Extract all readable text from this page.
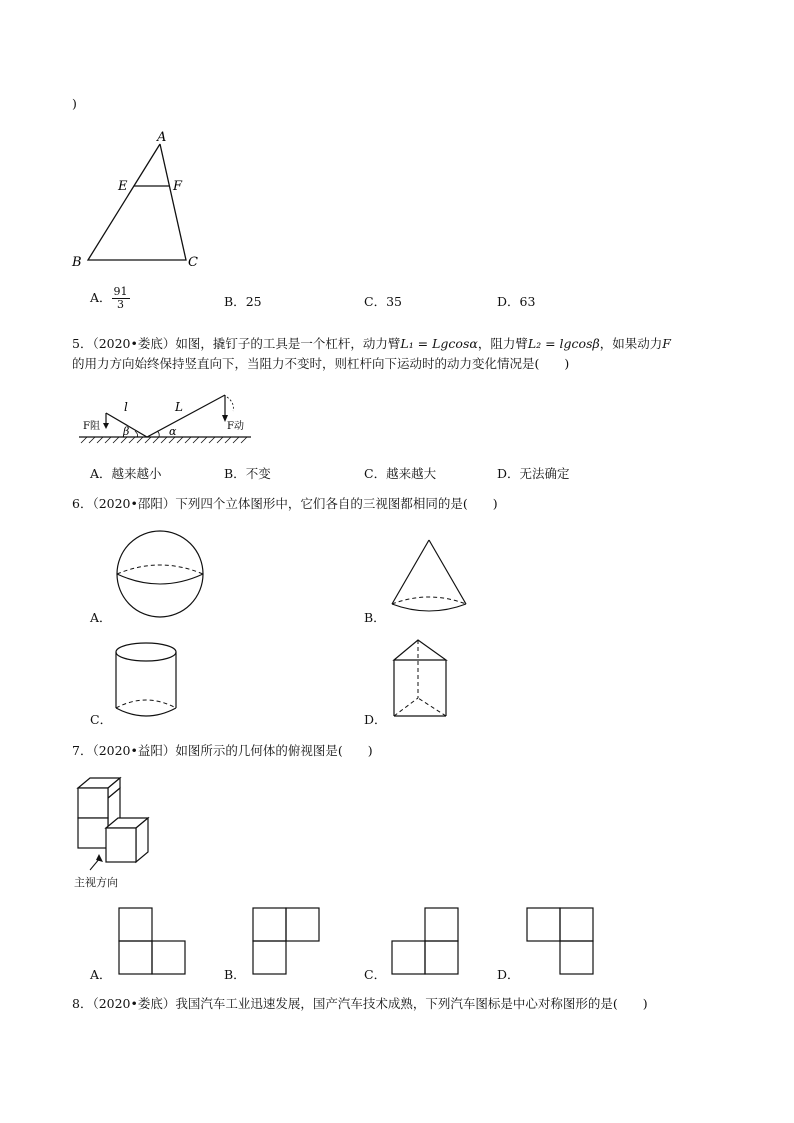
)
A
E	F
B	C
A． $\frac{91}{3}$	B．25	C．35	D．63
5．（2020•娄底）如图，撬钉子的工具是一个杠杆，动力臂L₁ = Lgcosα，阻力臂L₂ = lgcosβ，如果动力F
的用力方向始终保持竖直向下，当阻力不变时，则杠杆向下运动时的动力变化情况是(　　)
F阻
l	L
β	α	F动
A．越来越小	B．不变	C．越来越大	D．无法确定
6．（2020•邵阳）下列四个立体图形中，它们各自的三视图都相同的是(　　)
A．	B．
C．	D．
7．（2020•益阳）如图所示的几何体的俯视图是(　　)
主视方向
A．	B．	C．	D．
8．（2020•娄底）我国汽车工业迅速发展，国产汽车技术成熟，下列汽车图标是中心对称图形的是(　　)
